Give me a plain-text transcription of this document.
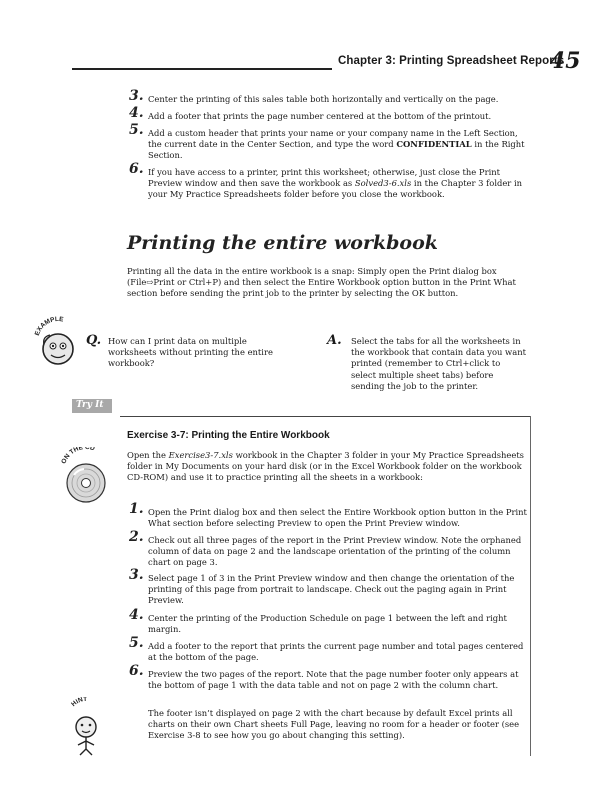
Chapter 3: Printing Spreadsheet Reports
45
3. Center the printing of this sales table both horizontally and vertically on the page.
4. Add a footer that prints the page number centered at the bottom of the printout.
5. Add a custom header that prints your name or your company name in the Left Section, the current date in the Center Section, and type the word CONFIDENTIAL in the Right Section.
6. If you have access to a printer, print this worksheet; otherwise, just close the Print Preview window and then save the workbook as Solved3-6.xls in the Chapter 3 folder in your My Practice Spreadsheets folder before you close the workbook.
Printing the entire workbook
Printing all the data in the entire workbook is a snap: Simply open the Print dialog box (File⇨Print or Ctrl+P) and then select the Entire Workbook option button in the Print What section before sending the print job to the printer by selecting the OK button.
EXAMPLE
Q. How can I print data on multiple worksheets without printing the entire workbook?
A. Select the tabs for all the worksheets in the workbook that contain data you want printed (remember to Ctrl+click to select multiple sheet tabs) before sending the job to the printer.
Try It
Exercise 3-7: Printing the Entire Workbook
ON THE CD
Open the Exercise3-7.xls workbook in the Chapter 3 folder in your My Practice Spreadsheets folder in My Documents on your hard disk (or in the Excel Workbook folder on the workbook CD-ROM) and use it to practice printing all the sheets in a workbook:
1. Open the Print dialog box and then select the Entire Workbook option button in the Print What section before selecting Preview to open the Print Preview window.
2. Check out all three pages of the report in the Print Preview window. Note the orphaned column of data on page 2 and the landscape orientation of the printing of the column chart on page 3.
3. Select page 1 of 3 in the Print Preview window and then change the orientation of the printing of this page from portrait to landscape. Check out the paging again in Print Preview.
4. Center the printing of the Production Schedule on page 1 between the left and right margin.
5. Add a footer to the report that prints the current page number and total pages centered at the bottom of the page.
6. Preview the two pages of the report. Note that the page number footer only appears at the bottom of page 1 with the data table and not on page 2 with the column chart.
HINT
The footer isn’t displayed on page 2 with the chart because by default Excel prints all charts on their own Chart sheets Full Page, leaving no room for a header or footer (see Exercise 3-8 to see how you go about changing this setting).
